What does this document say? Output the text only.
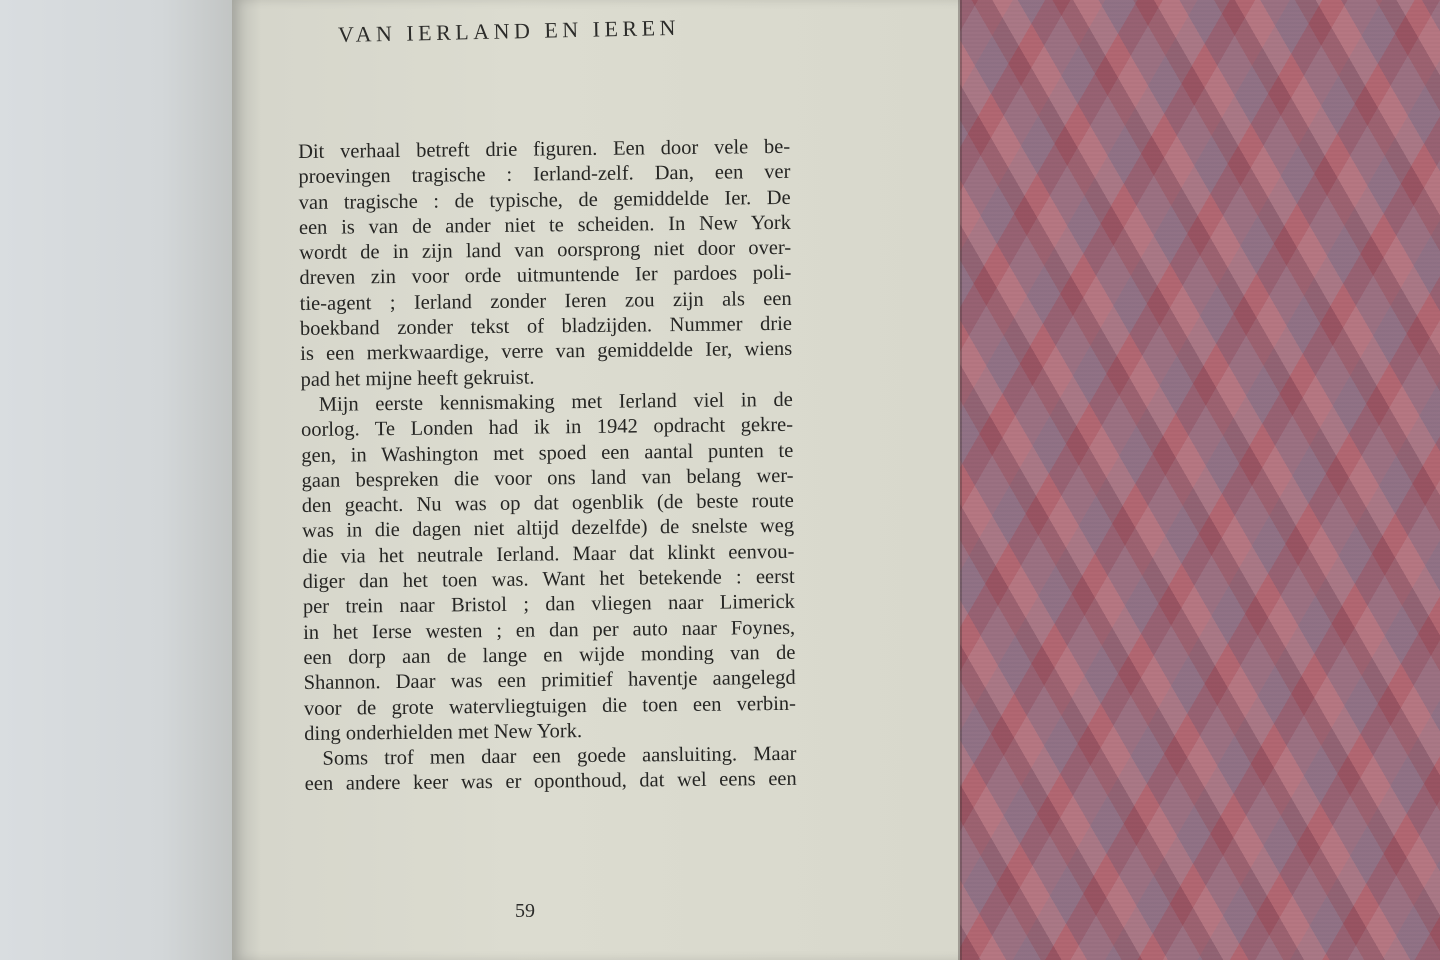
VAN IERLAND EN IEREN
Dit verhaal betreft drie figuren. Een door vele be-
proevingen tragische : Ierland-zelf. Dan, een ver
van tragische : de typische, de gemiddelde Ier. De
een is van de ander niet te scheiden. In New York
wordt de in zijn land van oorsprong niet door over-
dreven zin voor orde uitmuntende Ier pardoes poli-
tie-agent ; Ierland zonder Ieren zou zijn als een
boekband zonder tekst of bladzijden. Nummer drie
is een merkwaardige, verre van gemiddelde Ier, wiens
pad het mijne heeft gekruist.
Mijn eerste kennismaking met Ierland viel in de
oorlog. Te Londen had ik in 1942 opdracht gekre-
gen, in Washington met spoed een aantal punten te
gaan bespreken die voor ons land van belang wer-
den geacht. Nu was op dat ogenblik (de beste route
was in die dagen niet altijd dezelfde) de snelste weg
die via het neutrale Ierland. Maar dat klinkt eenvou-
diger dan het toen was. Want het betekende : eerst
per trein naar Bristol ; dan vliegen naar Limerick
in het Ierse westen ; en dan per auto naar Foynes,
een dorp aan de lange en wijde monding van de
Shannon. Daar was een primitief haventje aangelegd
voor de grote watervliegtuigen die toen een verbin-
ding onderhielden met New York.
Soms trof men daar een goede aansluiting. Maar
een andere keer was er oponthoud, dat wel eens een
59
